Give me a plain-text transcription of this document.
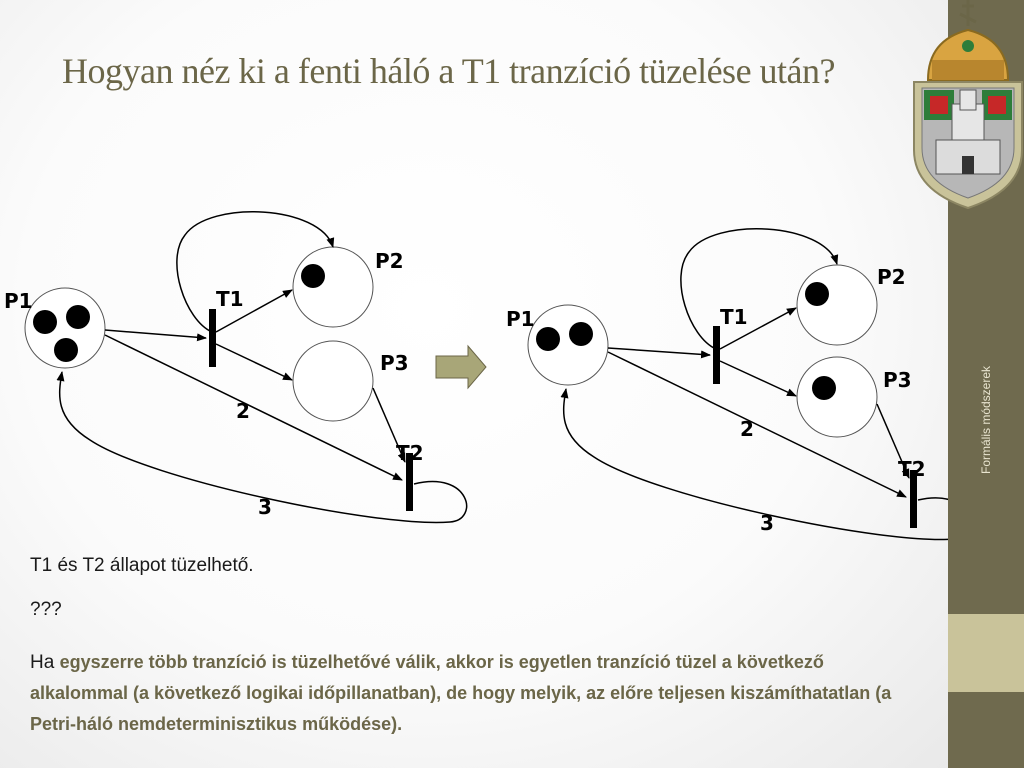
Formális módszerek
Hogyan néz ki a fenti háló a T1 tranzíció tüzelése után?
P1
P2
P3
T1
T2
2
3
P1
P2
P3
T1
T2
2
3

T1 és T2 állapot tüzelhető.

???

Ha egyszerre több tranzíció is tüzelhetővé válik, akkor is egyetlen tranzíció tüzel a következő alkalommal (a következő logikai időpillanatban), de hogy melyik, az előre teljesen kiszámíthatatlan (a Petri-háló nemdeterminisztikus működése).
